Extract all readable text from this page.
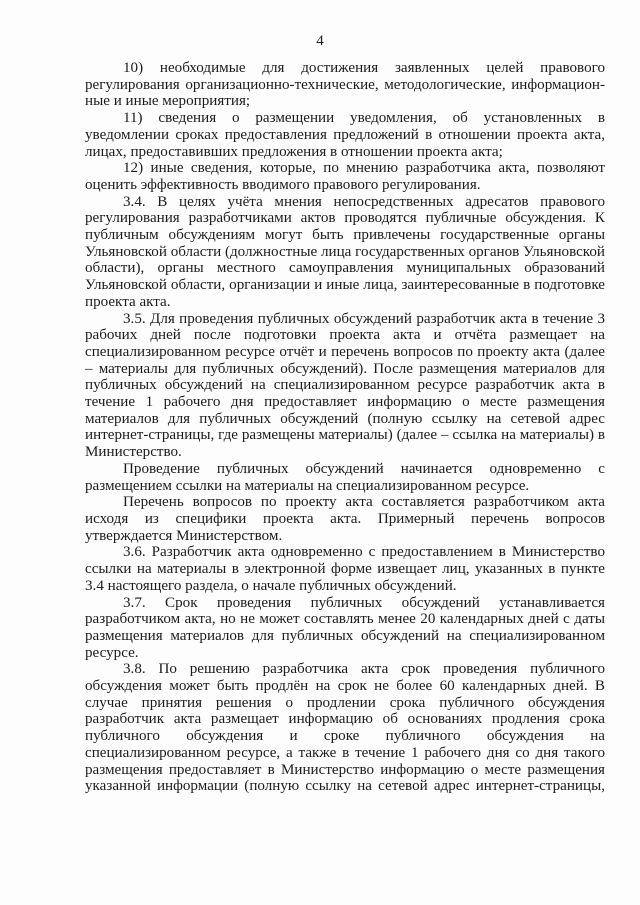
4

10) необходимые для достижения заявленных целей правового регулирования организационно-технические, методологические, информационные и иные мероприятия;

11) сведения о размещении уведомления, об установленных в уведомлении сроках предоставления предложений в отношении проекта акта, лицах, предоставивших предложения в отношении проекта акта;

12) иные сведения, которые, по мнению разработчика акта, позволяют оценить эффективность вводимого правового регулирования.

3.4. В целях учёта мнения непосредственных адресатов правового регулирования разработчиками актов проводятся публичные обсуждения. К публичным обсуждениям могут быть привлечены государственные органы Ульяновской области (должностные лица государственных органов Ульяновской области), органы местного самоуправления муниципальных образований Ульяновской области, организации и иные лица, заинтересованные в подготовке проекта акта.

3.5. Для проведения публичных обсуждений разработчик акта в течение 3 рабочих дней после подготовки проекта акта и отчёта размещает на специализированном ресурсе отчёт и перечень вопросов по проекту акта (далее – материалы для публичных обсуждений). После размещения материалов для публичных обсуждений на специализированном ресурсе разработчик акта в течение 1 рабочего дня предоставляет информацию о месте размещения материалов для публичных обсуждений (полную ссылку на сетевой адрес интернет-страницы, где размещены материалы) (далее – ссылка на материалы) в Министерство.

Проведение публичных обсуждений начинается одновременно с размещением ссылки на материалы на специализированном ресурсе.

Перечень вопросов по проекту акта составляется разработчиком акта исходя из специфики проекта акта. Примерный перечень вопросов утверждается Министерством.

3.6. Разработчик акта одновременно с предоставлением в Министерство ссылки на материалы в электронной форме извещает лиц, указанных в пункте 3.4 настоящего раздела, о начале публичных обсуждений.

3.7. Срок проведения публичных обсуждений устанавливается разработчиком акта, но не может составлять менее 20 календарных дней с даты размещения материалов для публичных обсуждений на специализированном ресурсе.

3.8. По решению разработчика акта срок проведения публичного обсуждения может быть продлён на срок не более 60 календарных дней. В случае принятия решения о продлении срока публичного обсуждения разработчик акта размещает информацию об основаниях продления срока публичного обсуждения и сроке публичного обсуждения на специализированном ресурсе, а также в течение 1 рабочего дня со дня такого размещения предоставляет в Министерство информацию о месте размещения указанной информации (полную ссылку на сетевой адрес интернет-страницы,
